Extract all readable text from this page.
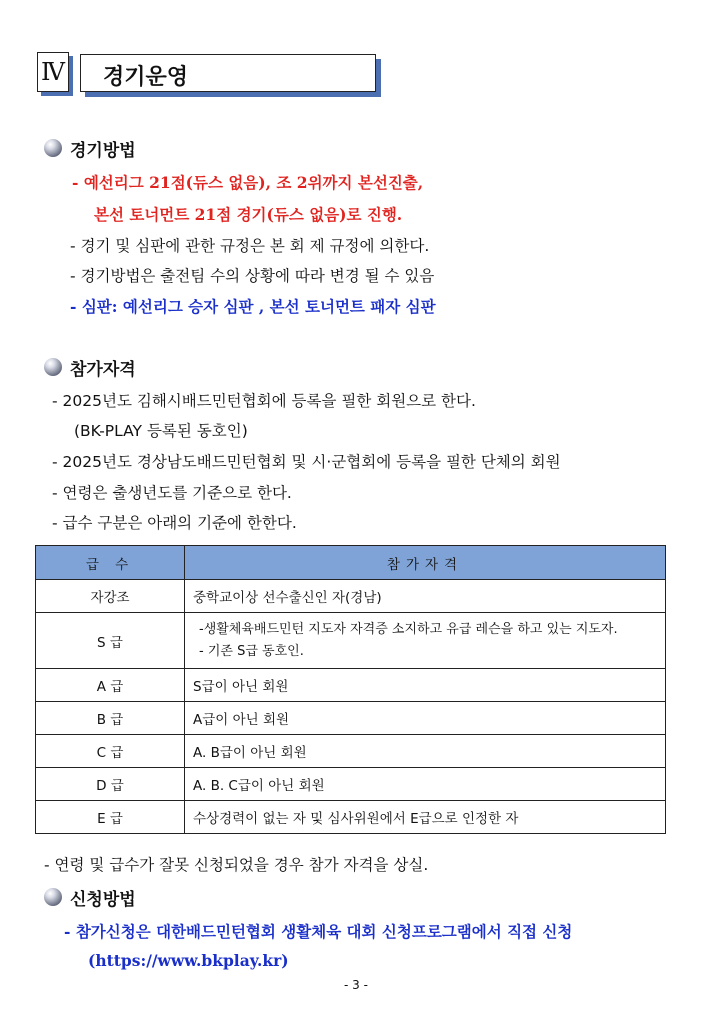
Ⅳ 경기운영
경기방법
- 예선리그 21점(듀스 없음), 조 2위까지 본선진출,
본선 토너먼트 21점 경기(듀스 없음)로 진행.
- 경기 및 심판에 관한 규정은 본 회 제 규정에 의한다.
- 경기방법은 출전팀 수의 상황에 따라 변경 될 수 있음
- 심판: 예선리그 승자 심판 , 본선 토너먼트 패자 심판
참가자격
- 2025년도 김해시배드민턴협회에 등록을 필한 회원으로 한다.
(BK-PLAY 등록된 동호인)
- 2025년도 경상남도배드민턴협회 및 시·군협회에 등록을 필한 단체의 회원
- 연령은 출생년도를 기준으로 한다.
- 급수 구분은 아래의 기준에 한한다.
급 수	참가자격
자강조	중학교이상 선수출신인 자(경남)
S 급	-생활체육배드민턴 지도자 자격증 소지하고 유급 레슨을 하고 있는 지도자.
- 기존 S급 동호인.

A 급	S급이 아닌 회원
B 급	A급이 아닌 회원
C 급	A. B급이 아닌 회원
D 급	A. B. C급이 아닌 회원
E 급	수상경력이 없는 자 및 심사위원에서 E급으로 인정한 자
- 연령 및 급수가 잘못 신청되었을 경우 참가 자격을 상실.
신청방법
- 참가신청은 대한배드민턴협회 생활체육 대회 신청프로그램에서 직접 신청
(https://www.bkplay.kr)
- 3 -
